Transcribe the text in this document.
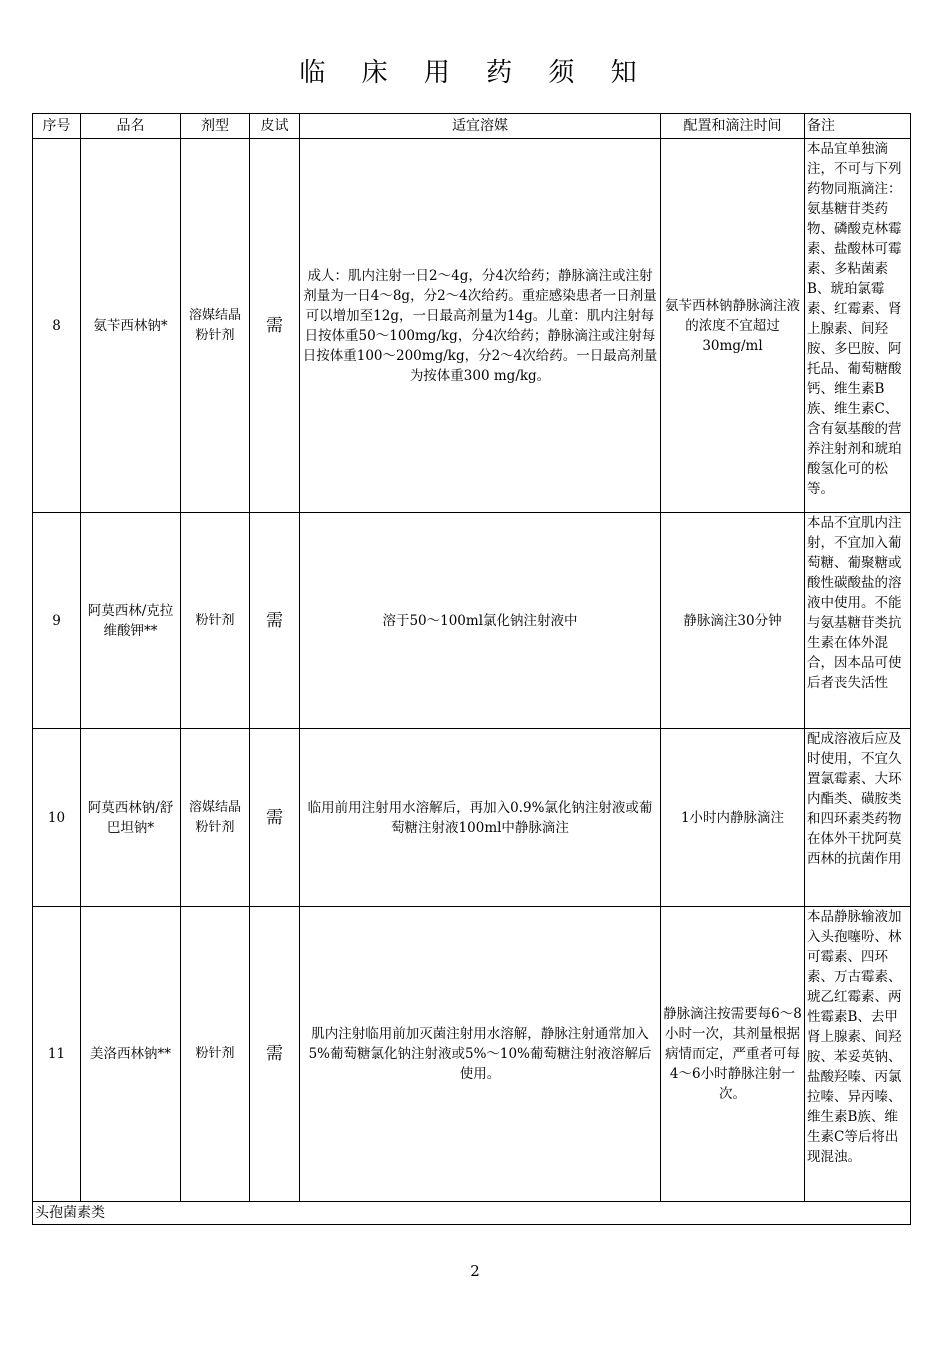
临 床 用 药 须 知
序号	品名	剂型	皮试	适宜溶媒	配置和滴注时间	备注
8	氨苄西林钠*	溶媒结晶粉针剂	需	成人：肌内注射一日2～4g，分4次给药；静脉滴注或注射剂量为一日4～8g，分2～4次给药。重症感染患者一日剂量可以增加至12g，一日最高剂量为14g。儿童：肌内注射每日按体重50～100mg/kg，分4次给药；静脉滴注或注射每日按体重100～200mg/kg，分2～4次给药。一日最高剂量为按体重300 mg/kg。	氨苄西林钠静脉滴注液的浓度不宜超过30mg/ml	本品宜单独滴注，不可与下列药物同瓶滴注：氨基糖苷类药物、磷酸克林霉素、盐酸林可霉素、多粘菌素B、琥珀氯霉素、红霉素、肾上腺素、间羟胺、多巴胺、阿托品、葡萄糖酸钙、维生素B族、维生素C、含有氨基酸的营养注射剂和琥珀酸氢化可的松等。

9	阿莫西林/克拉维酸钾**	粉针剂	需	溶于50～100ml氯化钠注射液中	静脉滴注30分钟	本品不宜肌内注射，不宜加入葡萄糖、葡聚糖或酸性碳酸盐的溶液中使用。不能与氨基糖苷类抗生素在体外混合，因本品可使后者丧失活性

10	阿莫西林钠/舒巴坦钠*	溶媒结晶粉针剂	需	临用前用注射用水溶解后，再加入0.9%氯化钠注射液或葡萄糖注射液100ml中静脉滴注	1小时内静脉滴注	配成溶液后应及时使用，不宜久置氯霉素、大环内酯类、磺胺类和四环素类药物在体外干扰阿莫西林的抗菌作用

11	美洛西林钠**	粉针剂	需	肌内注射临用前加灭菌注射用水溶解，静脉注射通常加入5%葡萄糖氯化钠注射液或5%～10%葡萄糖注射液溶解后使用。	静脉滴注按需要每6～8小时一次，其剂量根据病情而定，严重者可每4～6小时静脉注射一次。	本品静脉输液加入头孢噻吩、林可霉素、四环素、万古霉素、琥乙红霉素、两性霉素B、去甲肾上腺素、间羟胺、苯妥英钠、盐酸羟嗪、丙氯拉嗪、异丙嗪、维生素B族、维生素C等后将出现混浊。

头孢菌素类						
2
